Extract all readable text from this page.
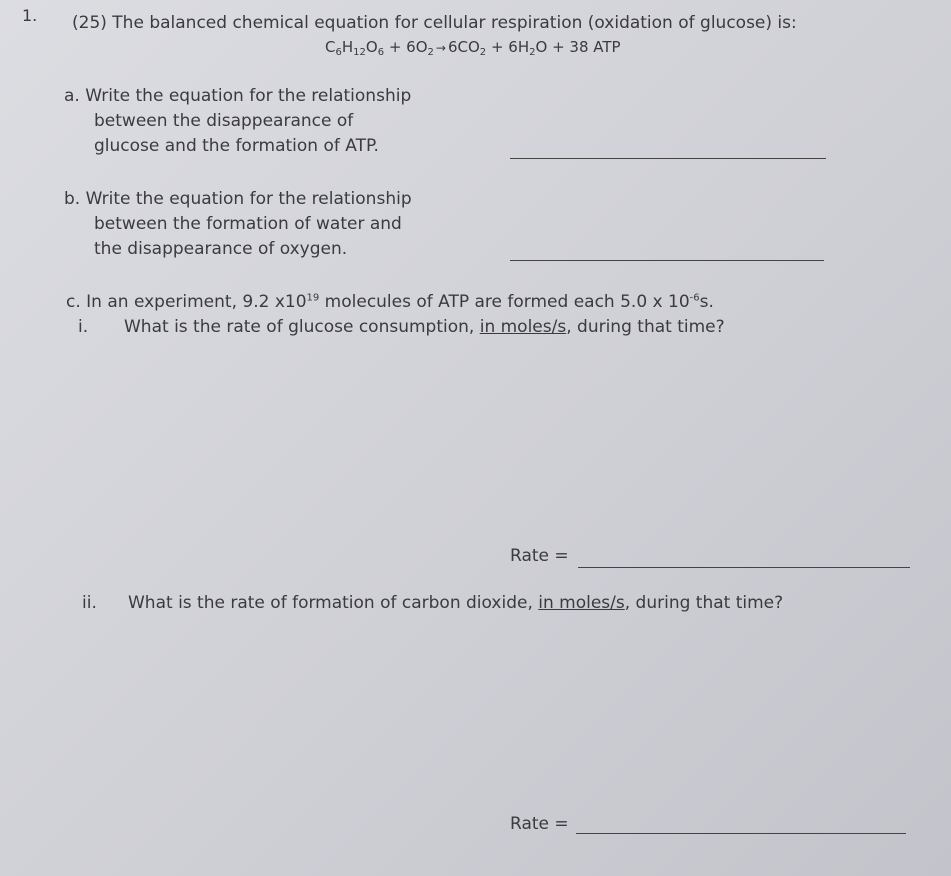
1. (25) The balanced chemical equation for cellular respiration (oxidation of glucose) is:
$C_6H_{12}O_6 + 6O_2 \to 6CO_2 + 6H_2O + 38$ ATP
a. Write the equation for the relationship
between the disappearance of
glucose and the formation of ATP.
b. Write the equation for the relationship
between the formation of water and
the disappearance of oxygen.
c. In an experiment, 9.2 $x10^{19}$ molecules of ATP are formed each 5.0 x $10^{-6}s$.
i. What is the rate of glucose consumption, in moles/s, during that time?
Rate =
ii. What is the rate of formation of carbon dioxide, in moles/s, during that time?
Rate =
